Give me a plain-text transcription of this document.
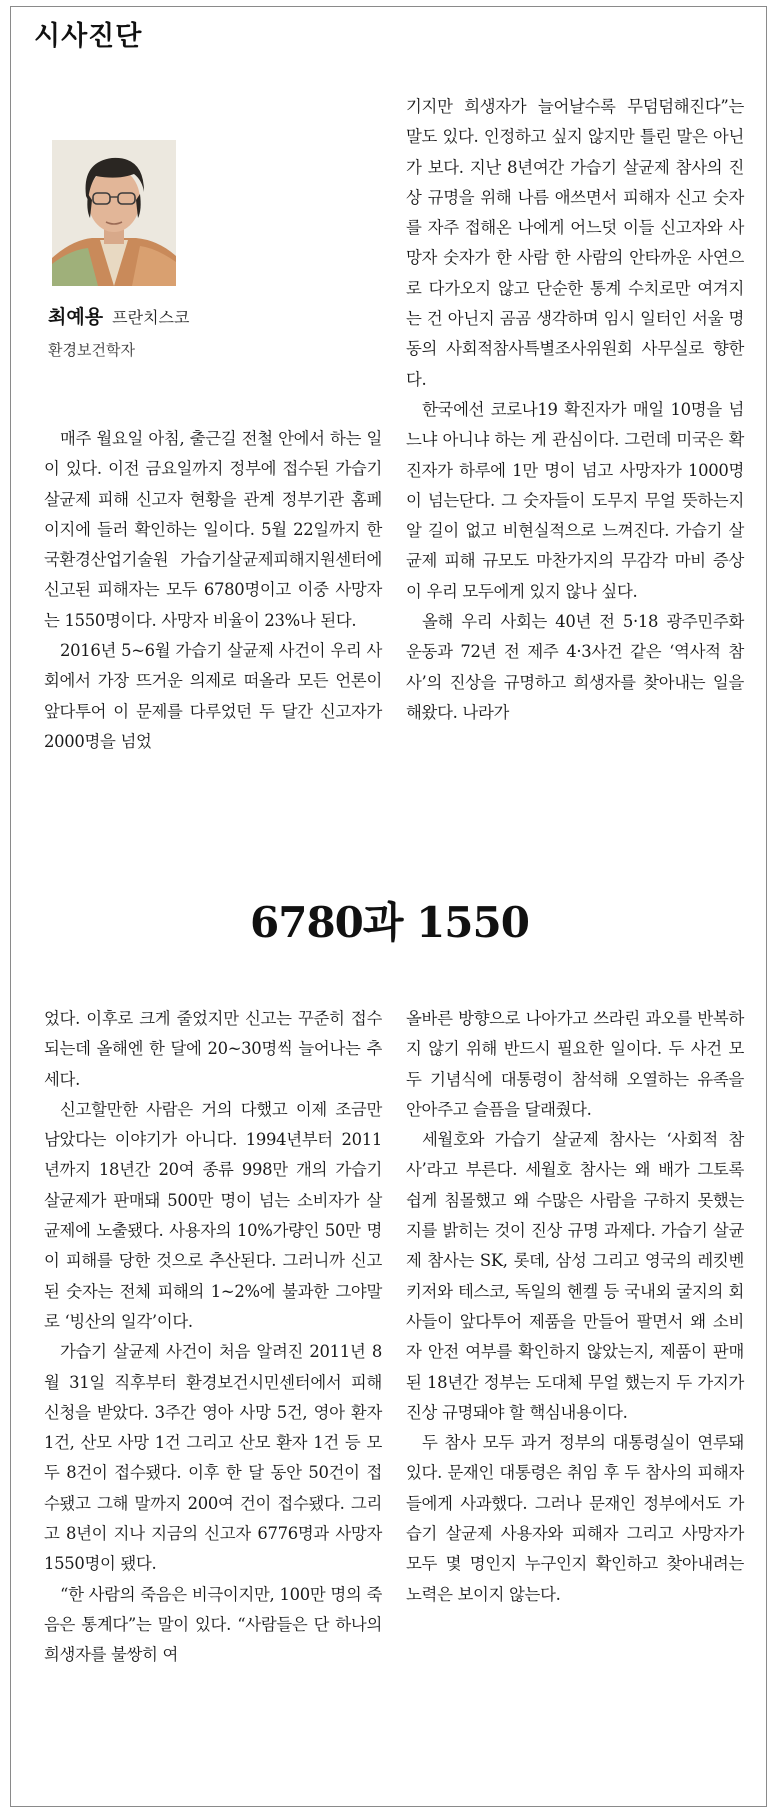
시사진단
최예용 프란치스코
환경보건학자

매주 월요일 아침, 출근길 전철 안에서 하는 일이 있다. 이전 금요일까지 정부에 접수된 가습기 살균제 피해 신고자 현황을 관계 정부기관 홈페이지에 들러 확인하는 일이다. 5월 22일까지 한국환경산업기술원 가습기살균제피해지원센터에 신고된 피해자는 모두 6780명이고 이중 사망자는 1550명이다. 사망자 비율이 23%나 된다.

2016년 5~6월 가습기 살균제 사건이 우리 사회에서 가장 뜨거운 의제로 떠올라 모든 언론이 앞다투어 이 문제를 다루었던 두 달간 신고자가 2000명을 넘었

기지만 희생자가 늘어날수록 무덤덤해진다”는 말도 있다. 인정하고 싶지 않지만 틀린 말은 아닌가 보다. 지난 8년여간 가습기 살균제 참사의 진상 규명을 위해 나름 애쓰면서 피해자 신고 숫자를 자주 접해온 나에게 어느덧 이들 신고자와 사망자 숫자가 한 사람 한 사람의 안타까운 사연으로 다가오지 않고 단순한 통계 수치로만 여겨지는 건 아닌지 곰곰 생각하며 임시 일터인 서울 명동의 사회적참사특별조사위원회 사무실로 향한다.

한국에선 코로나19 확진자가 매일 10명을 넘느냐 아니냐 하는 게 관심이다. 그런데 미국은 확진자가 하루에 1만 명이 넘고 사망자가 1000명이 넘는단다. 그 숫자들이 도무지 무얼 뜻하는지 알 길이 없고 비현실적으로 느껴진다. 가습기 살균제 피해 규모도 마찬가지의 무감각 마비 증상이 우리 모두에게 있지 않나 싶다.

올해 우리 사회는 40년 전 5·18 광주민주화 운동과 72년 전 제주 4·3사건 같은 ‘역사적 참사’의 진상을 규명하고 희생자를 찾아내는 일을 해왔다. 나라가

6780과 1550

었다. 이후로 크게 줄었지만 신고는 꾸준히 접수되는데 올해엔 한 달에 20~30명씩 늘어나는 추세다.

신고할만한 사람은 거의 다했고 이제 조금만 남았다는 이야기가 아니다. 1994년부터 2011년까지 18년간 20여 종류 998만 개의 가습기 살균제가 판매돼 500만 명이 넘는 소비자가 살균제에 노출됐다. 사용자의 10%가량인 50만 명이 피해를 당한 것으로 추산된다. 그러니까 신고된 숫자는 전체 피해의 1~2%에 불과한 그야말로 ‘빙산의 일각’이다.

가습기 살균제 사건이 처음 알려진 2011년 8월 31일 직후부터 환경보건시민센터에서 피해 신청을 받았다. 3주간 영아 사망 5건, 영아 환자 1건, 산모 사망 1건 그리고 산모 환자 1건 등 모두 8건이 접수됐다. 이후 한 달 동안 50건이 접수됐고 그해 말까지 200여 건이 접수됐다. 그리고 8년이 지나 지금의 신고자 6776명과 사망자 1550명이 됐다.

“한 사람의 죽음은 비극이지만, 100만 명의 죽음은 통계다”는 말이 있다. “사람들은 단 하나의 희생자를 불쌍히 여

올바른 방향으로 나아가고 쓰라린 과오를 반복하지 않기 위해 반드시 필요한 일이다. 두 사건 모두 기념식에 대통령이 참석해 오열하는 유족을 안아주고 슬픔을 달래줬다.

세월호와 가습기 살균제 참사는 ‘사회적 참사’라고 부른다. 세월호 참사는 왜 배가 그토록 쉽게 침몰했고 왜 수많은 사람을 구하지 못했는지를 밝히는 것이 진상 규명 과제다. 가습기 살균제 참사는 SK, 롯데, 삼성 그리고 영국의 레킷벤키저와 테스코, 독일의 헨켈 등 국내외 굴지의 회사들이 앞다투어 제품을 만들어 팔면서 왜 소비자 안전 여부를 확인하지 않았는지, 제품이 판매된 18년간 정부는 도대체 무얼 했는지 두 가지가 진상 규명돼야 할 핵심내용이다.

두 참사 모두 과거 정부의 대통령실이 연루돼 있다. 문재인 대통령은 취임 후 두 참사의 피해자들에게 사과했다. 그러나 문재인 정부에서도 가습기 살균제 사용자와 피해자 그리고 사망자가 모두 몇 명인지 누구인지 확인하고 찾아내려는 노력은 보이지 않는다.
